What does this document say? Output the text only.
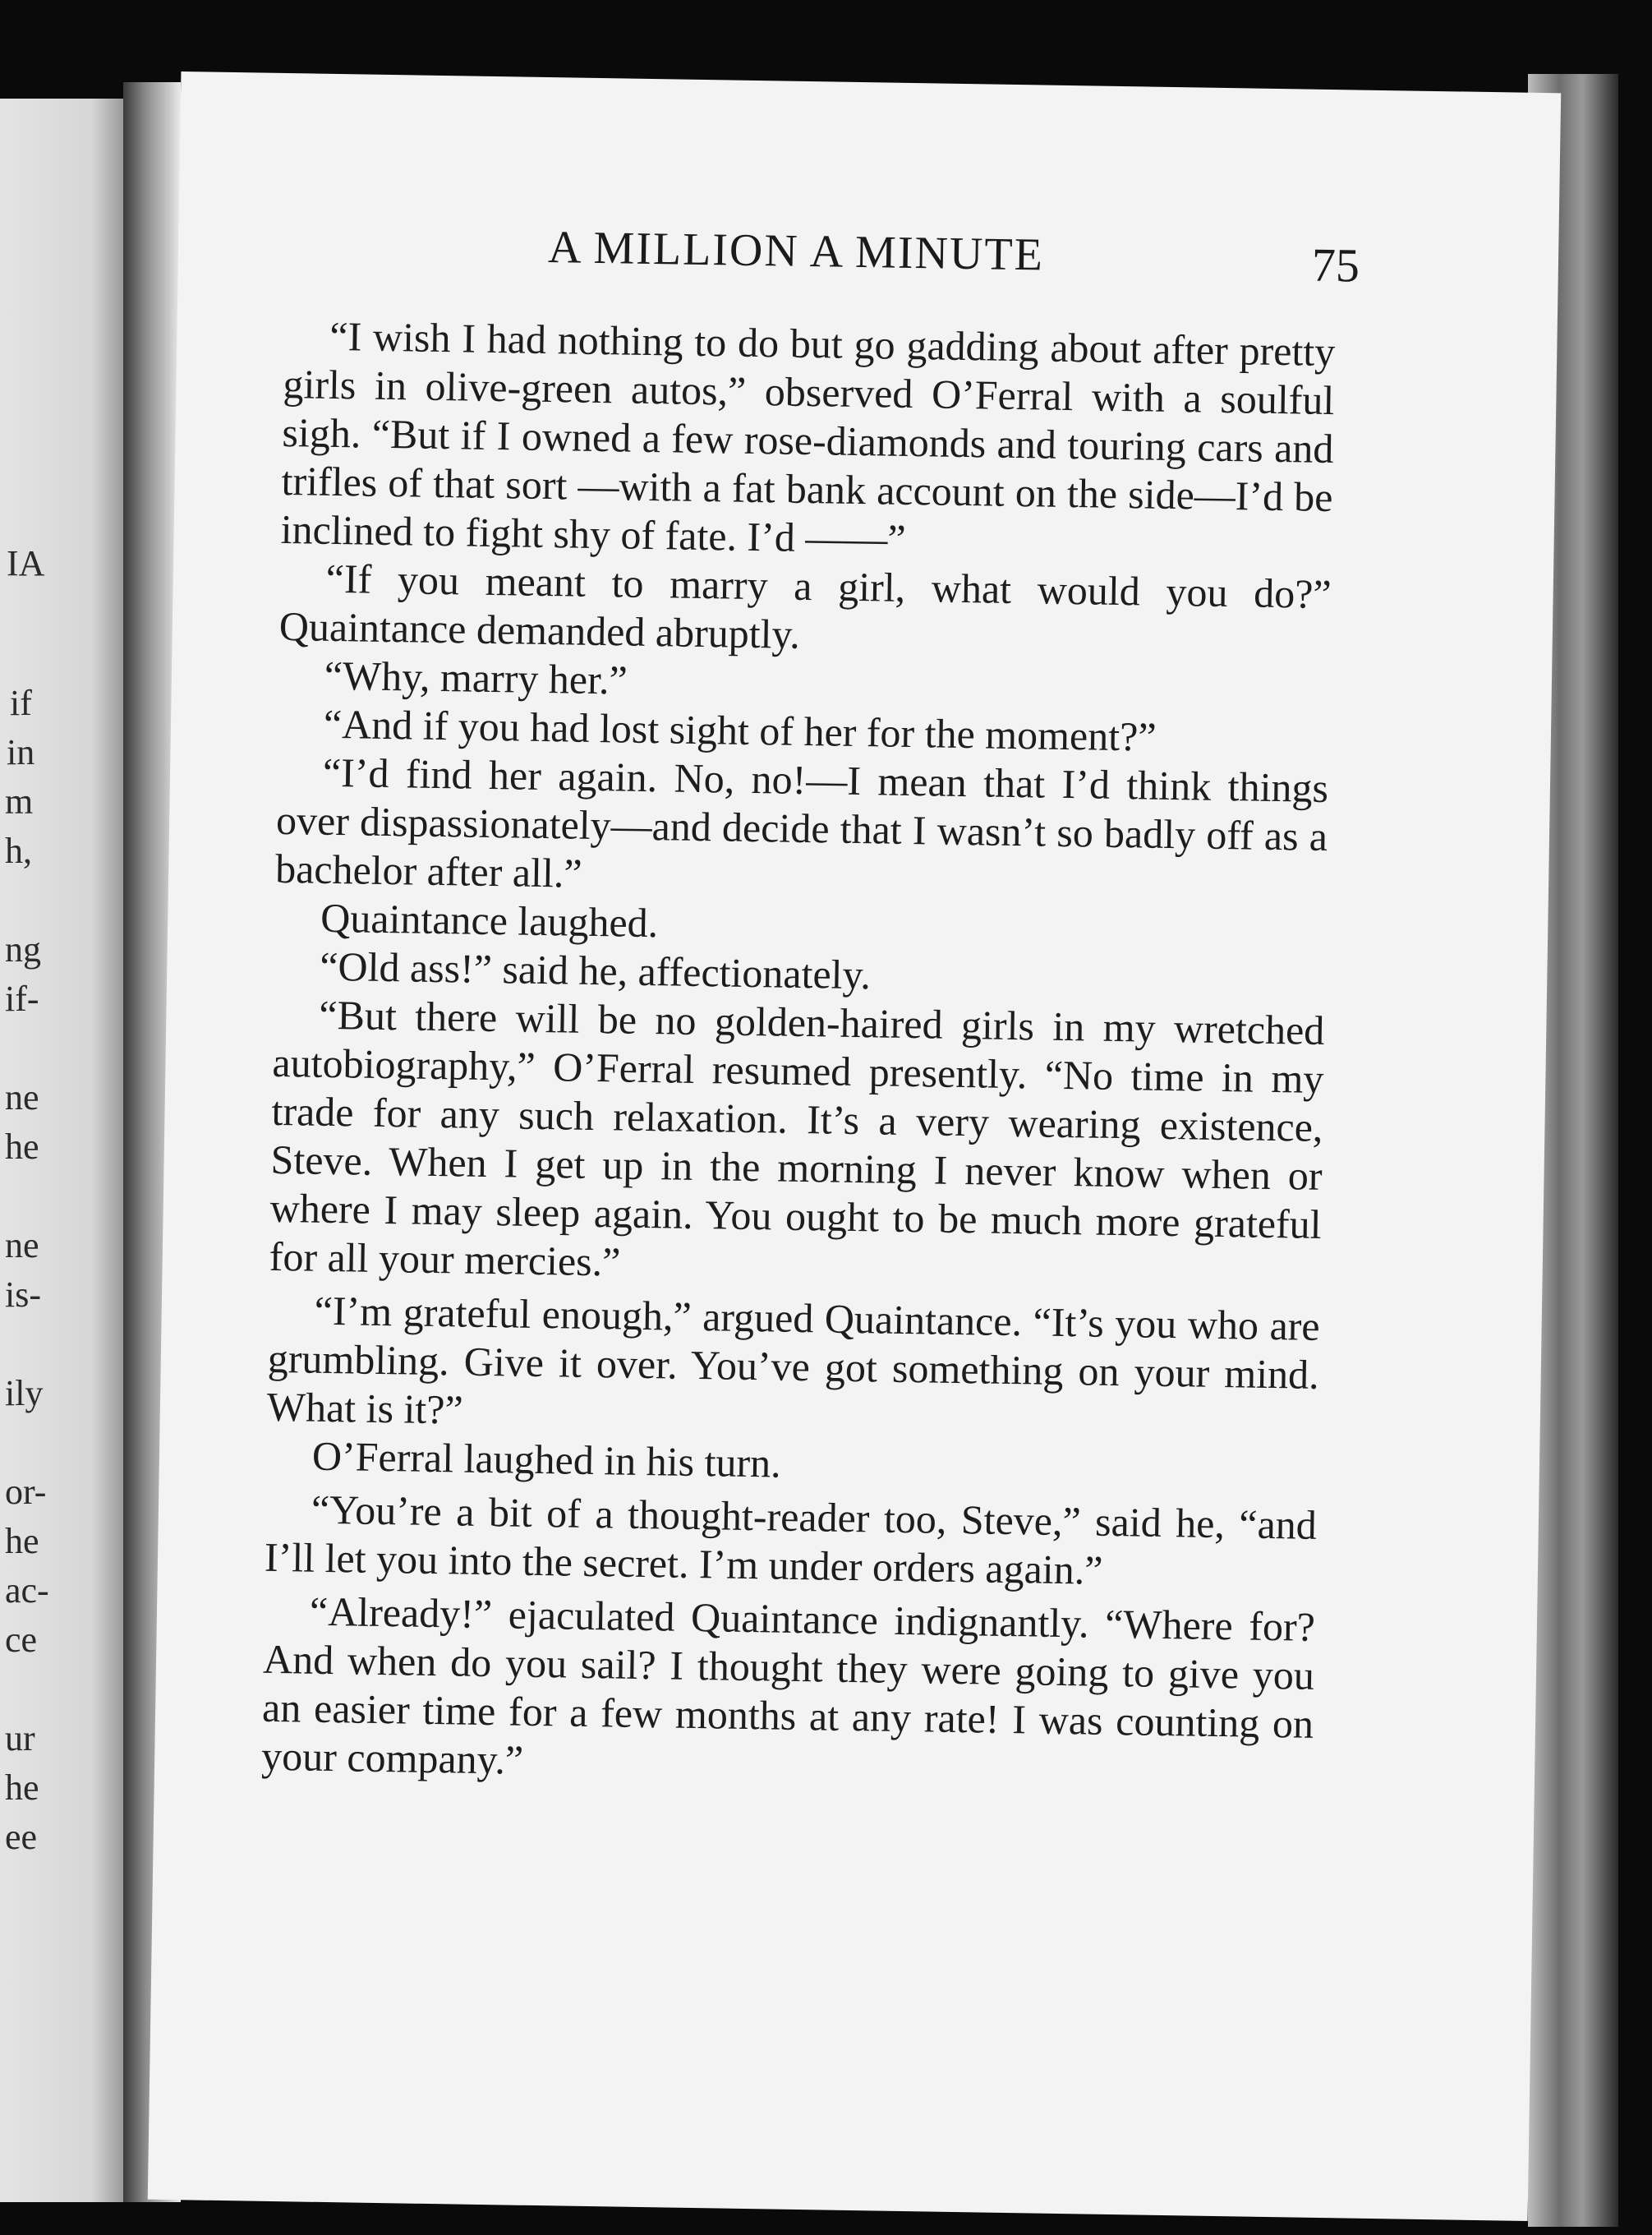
IA
if
in
m
h,
ng
if-
ne
he
ne
is-
ily
or-
he
ac-
ce
ur
he
ee
A MILLION A MINUTE	75

“I wish I had nothing to do but go gadding about after pretty girls in olive-green autos,” observed O’Ferral with a soulful sigh. “But if I owned a few rose-diamonds and touring cars and trifles of that sort —with a fat bank account on the side—I’d be inclined to fight shy of fate. I’d ——”

“If you meant to marry a girl, what would you do?” Quaintance demanded abruptly.

“Why, marry her.”

“And if you had lost sight of her for the moment?”

“I’d find her again. No, no!—I mean that I’d think things over dispassionately—and decide that I wasn’t so badly off as a bachelor after all.”

Quaintance laughed.

“Old ass!” said he, affectionately.

“But there will be no golden-haired girls in my wretched autobiography,” O’Ferral resumed presently. “No time in my trade for any such relaxation. It’s a very wearing existence, Steve. When I get up in the morning I never know when or where I may sleep again. You ought to be much more grateful for all your mercies.”

“I’m grateful enough,” argued Quaintance. “It’s you who are grumbling. Give it over. You’ve got something on your mind. What is it?”

O’Ferral laughed in his turn.

“You’re a bit of a thought-reader too, Steve,” said he, “and I’ll let you into the secret. I’m under orders again.”

“Already!” ejaculated Quaintance indignantly. “Where for? And when do you sail? I thought they were going to give you an easier time for a few months at any rate! I was counting on your company.”
